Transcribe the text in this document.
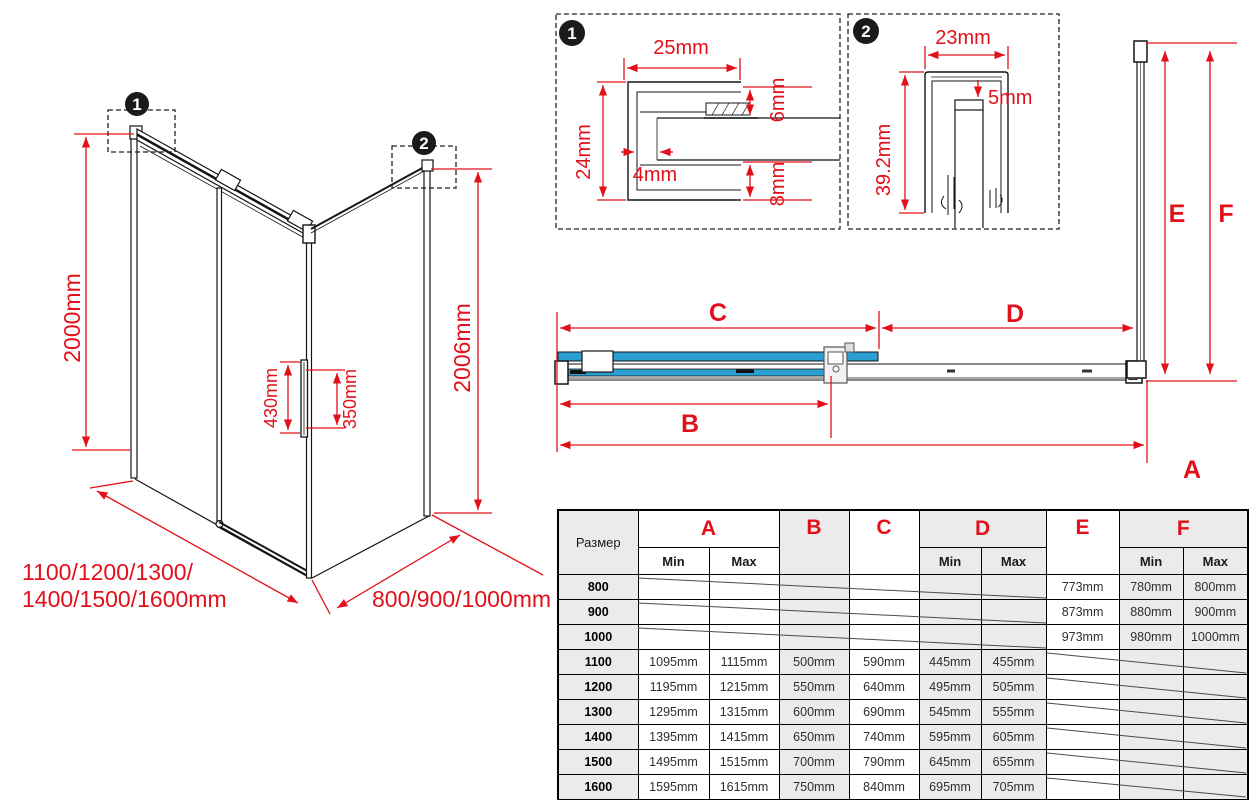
1
2
2000mm	2006mm
430mm	350mm
1100/1200/1300/
1400/1500/1600mm	800/900/1000mm
1
25mm
24mm 4mm
6mm
8mm
2	23mm
5mm
39.2mm
C	D
B
A
E F
Размер	A		B	C	D		E	F	
	Min	Max			Min	Max		Min	Max
800							773mm	780mm	800mm
900							873mm	880mm	900mm
1000							973mm	980mm	1000mm
1100	1095mm	1115mm	500mm	590mm	445mm	455mm			
1200	1195mm	1215mm	550mm	640mm	495mm	505mm			
1300	1295mm	1315mm	600mm	690mm	545mm	555mm			
1400	1395mm	1415mm	650mm	740mm	595mm	605mm			
1500	1495mm	1515mm	700mm	790mm	645mm	655mm			
1600	1595mm	1615mm	750mm	840mm	695mm	705mm			
